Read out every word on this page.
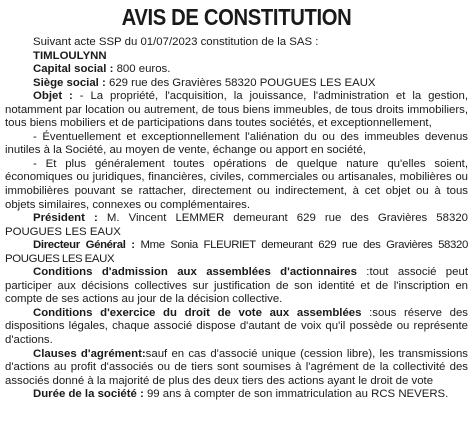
AVIS DE CONSTITUTION

Suivant acte SSP du 01/07/2023 constitution de la SAS :

TIMLOULYNN

Capital social : 800 euros.

Siège social : 629 rue des Gravières 58320 POUGUES LES EAUX

Objet : - La propriété, l'acquisition, la jouissance, l'administration et la gestion, notamment par location ou autrement, de tous biens immeubles, de tous droits immobiliers, tous biens mobiliers et de participations dans toutes sociétés, et exceptionnellement,

- Éventuellement et exceptionnellement l'aliénation du ou des immeubles devenus inutiles à la Société, au moyen de vente, échange ou apport en société,

- Et plus généralement toutes opérations de quelque nature qu'elles soient, économiques ou juridiques, financières, civiles, commerciales ou artisanales, mobilières ou immobilières pouvant se rattacher, directement ou indirectement, à cet objet ou à tous objets similaires, connexes ou complémentaires.

Président : M. Vincent LEMMER demeurant 629 rue des Gravières 58320 POUGUES LES EAUX

Directeur Général : Mme Sonia FLEURIET demeurant 629 rue des Gravières 58320 POUGUES LES EAUX

Conditions d'admission aux assemblées d'actionnaires :tout associé peut participer aux décisions collectives sur justification de son identité et de l'inscription en compte de ses actions au jour de la décision collective.

Conditions d'exercice du droit de vote aux assemblées :sous réserve des dispositions légales, chaque associé dispose d'autant de voix qu'il possède ou représente d'actions.

Clauses d'agrément:sauf en cas d'associé unique (cession libre), les transmissions d'actions au profit d'associés ou de tiers sont soumises à l'agrément de la collectivité des associés donné à la majorité de plus des deux tiers des actions ayant le droit de vote

Durée de la société : 99 ans à compter de son immatriculation au RCS NEVERS.
